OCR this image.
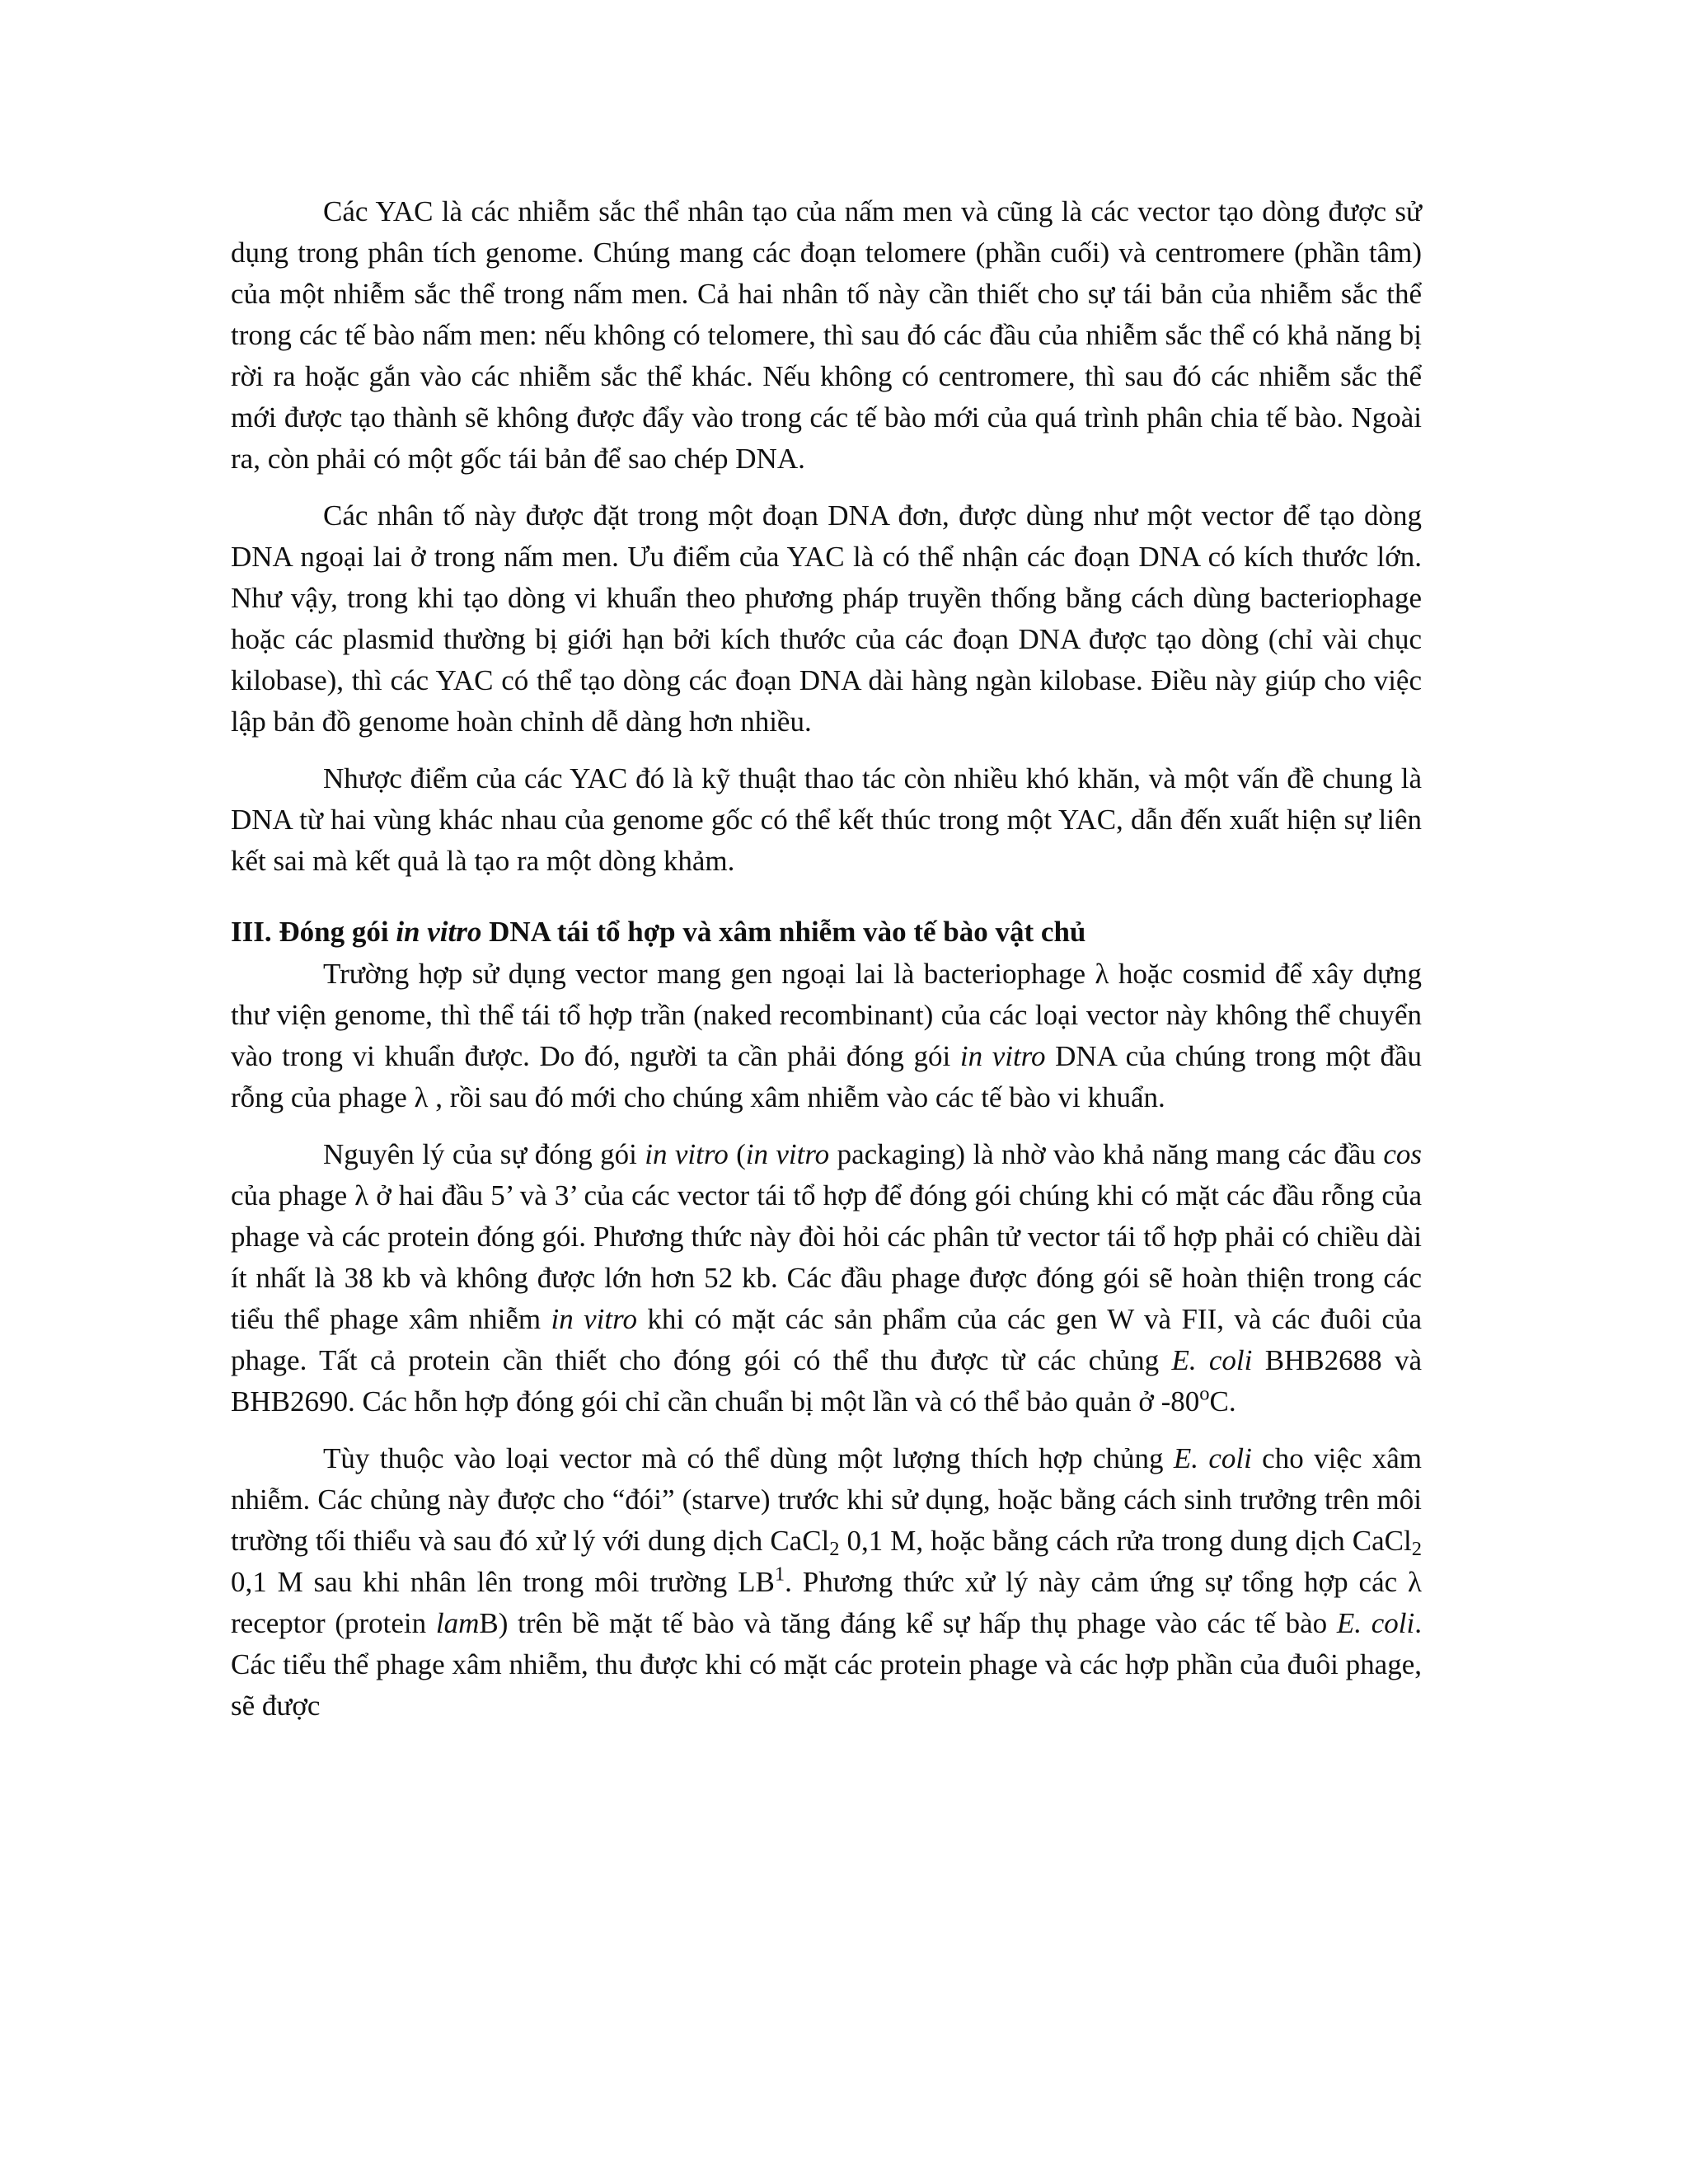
Các YAC là các nhiễm sắc thể nhân tạo của nấm men và cũng là các vector tạo dòng được sử dụng trong phân tích genome. Chúng mang các đoạn telomere (phần cuối) và centromere (phần tâm) của một nhiễm sắc thể trong nấm men. Cả hai nhân tố này cần thiết cho sự tái bản của nhiễm sắc thể trong các tế bào nấm men: nếu không có telomere, thì sau đó các đầu của nhiễm sắc thể có khả năng bị rời ra hoặc gắn vào các nhiễm sắc thể khác. Nếu không có centromere, thì sau đó các nhiễm sắc thể mới được tạo thành sẽ không được đẩy vào trong các tế bào mới của quá trình phân chia tế bào. Ngoài ra, còn phải có một gốc tái bản để sao chép DNA.

Các nhân tố này được đặt trong một đoạn DNA đơn, được dùng như một vector để tạo dòng DNA ngoại lai ở trong nấm men. Ưu điểm của YAC là có thể nhận các đoạn DNA có kích thước lớn. Như vậy, trong khi tạo dòng vi khuẩn theo phương pháp truyền thống bằng cách dùng bacteriophage hoặc các plasmid thường bị giới hạn bởi kích thước của các đoạn DNA được tạo dòng (chỉ vài chục kilobase), thì các YAC có thể tạo dòng các đoạn DNA dài hàng ngàn kilobase. Điều này giúp cho việc lập bản đồ genome hoàn chỉnh dễ dàng hơn nhiều.

Nhược điểm của các YAC đó là kỹ thuật thao tác còn nhiều khó khăn, và một vấn đề chung là DNA từ hai vùng khác nhau của genome gốc có thể kết thúc trong một YAC, dẫn đến xuất hiện sự liên kết sai mà kết quả là tạo ra một dòng khảm.

III. Đóng gói in vitro DNA tái tổ hợp và xâm nhiễm vào tế bào vật chủ

Trường hợp sử dụng vector mang gen ngoại lai là bacteriophage λ hoặc cosmid để xây dựng thư viện genome, thì thể tái tổ hợp trần (naked recombinant) của các loại vector này không thể chuyển vào trong vi khuẩn được. Do đó, người ta cần phải đóng gói in vitro DNA của chúng trong một đầu rỗng của phage λ , rồi sau đó mới cho chúng xâm nhiễm vào các tế bào vi khuẩn.

Nguyên lý của sự đóng gói in vitro (in vitro packaging) là nhờ vào khả năng mang các đầu cos của phage λ ở hai đầu 5’ và 3’ của các vector tái tổ hợp để đóng gói chúng khi có mặt các đầu rỗng của phage và các protein đóng gói. Phương thức này đòi hỏi các phân tử vector tái tổ hợp phải có chiều dài ít nhất là 38 kb và không được lớn hơn 52 kb. Các đầu phage được đóng gói sẽ hoàn thiện trong các tiểu thể phage xâm nhiễm in vitro khi có mặt các sản phẩm của các gen W và FII, và các đuôi của phage. Tất cả protein cần thiết cho đóng gói có thể thu được từ các chủng E. coli BHB2688 và BHB2690. Các hỗn hợp đóng gói chỉ cần chuẩn bị một lần và có thể bảo quản ở -80$^o$C.

Tùy thuộc vào loại vector mà có thể dùng một lượng thích hợp chủng E. coli cho việc xâm nhiễm. Các chủng này được cho “đói” (starve) trước khi sử dụng, hoặc bằng cách sinh trưởng trên môi trường tối thiểu và sau đó xử lý với dung dịch CaCl$_2$ 0,1 M, hoặc bằng cách rửa trong dung dịch CaCl$_2$ 0,1 M sau khi nhân lên trong môi trường $LB^1$. Phương thức xử lý này cảm ứng sự tổng hợp các λ receptor (protein lamB) trên bề mặt tế bào và tăng đáng kể sự hấp thụ phage vào các tế bào E. coli. Các tiểu thể phage xâm nhiễm, thu được khi có mặt các protein phage và các hợp phần của đuôi phage, sẽ được
